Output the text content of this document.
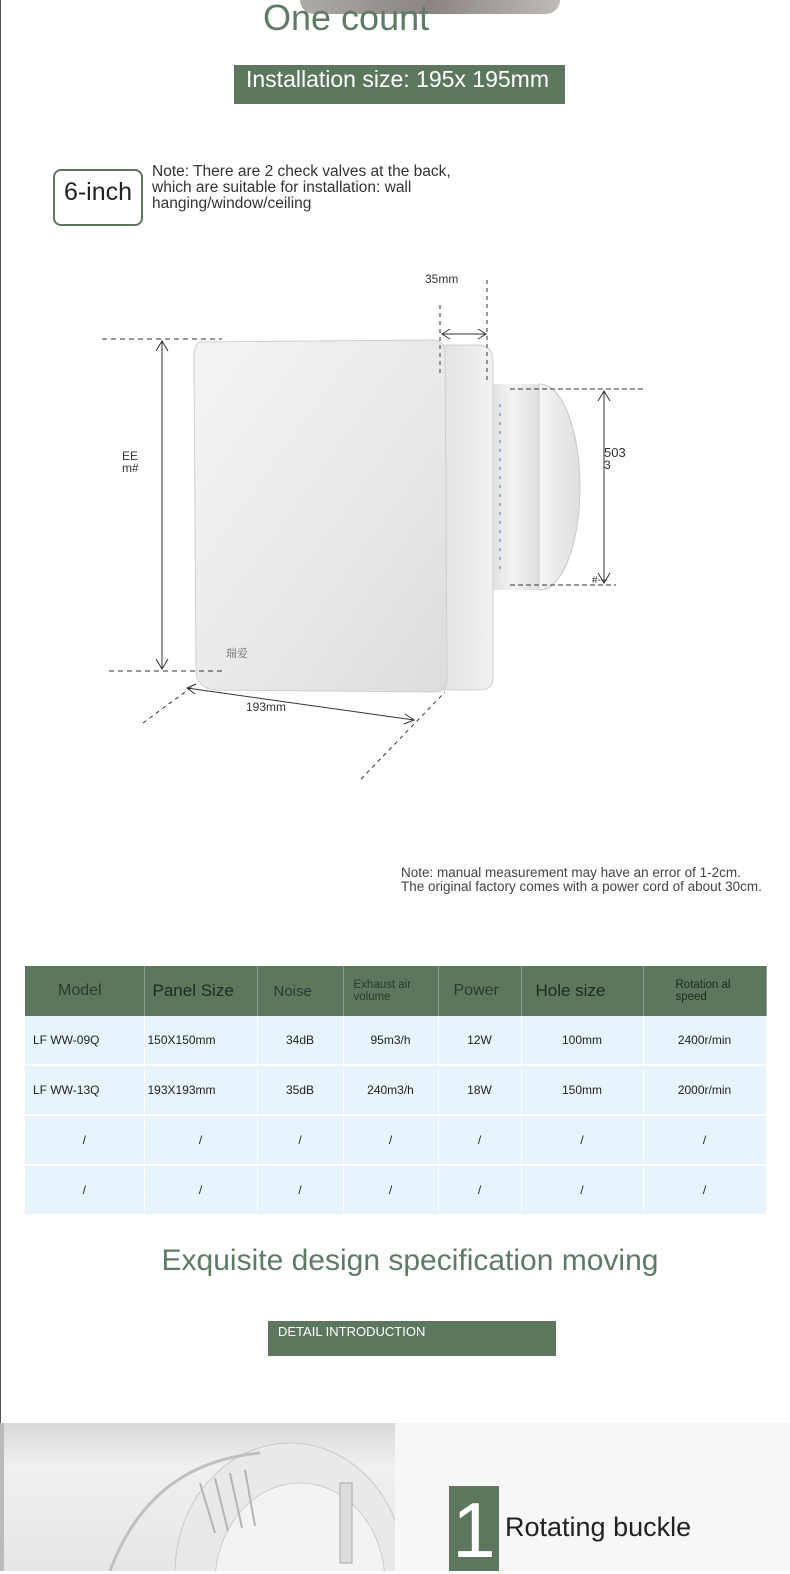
One count
Installation size: 195x 195mm
6-inch
Note: There are 2 check valves at the back, which are suitable for installation: wall hanging/window/ceiling
瑞爱
35mm
EE
m#
503
3
#---
193mm
Note: manual measurement may have an error of 1-2cm.
The original factory comes with a power cord of about 30cm.
Model	Panel Size	Noise	Exhaust air volume	Power	Hole size	Rotation al speed
LF WW-09Q	150X150mm	34dB	95m3/h	12W	100mm	2400r/min
LF WW-13Q	193X193mm	35dB	240m3/h	18W	150mm	2000r/min
/	/	/	/	/	/	/
/	/	/	/	/	/	/
Exquisite design specification moving
DETAIL INTRODUCTION
1 Rotating buckle
